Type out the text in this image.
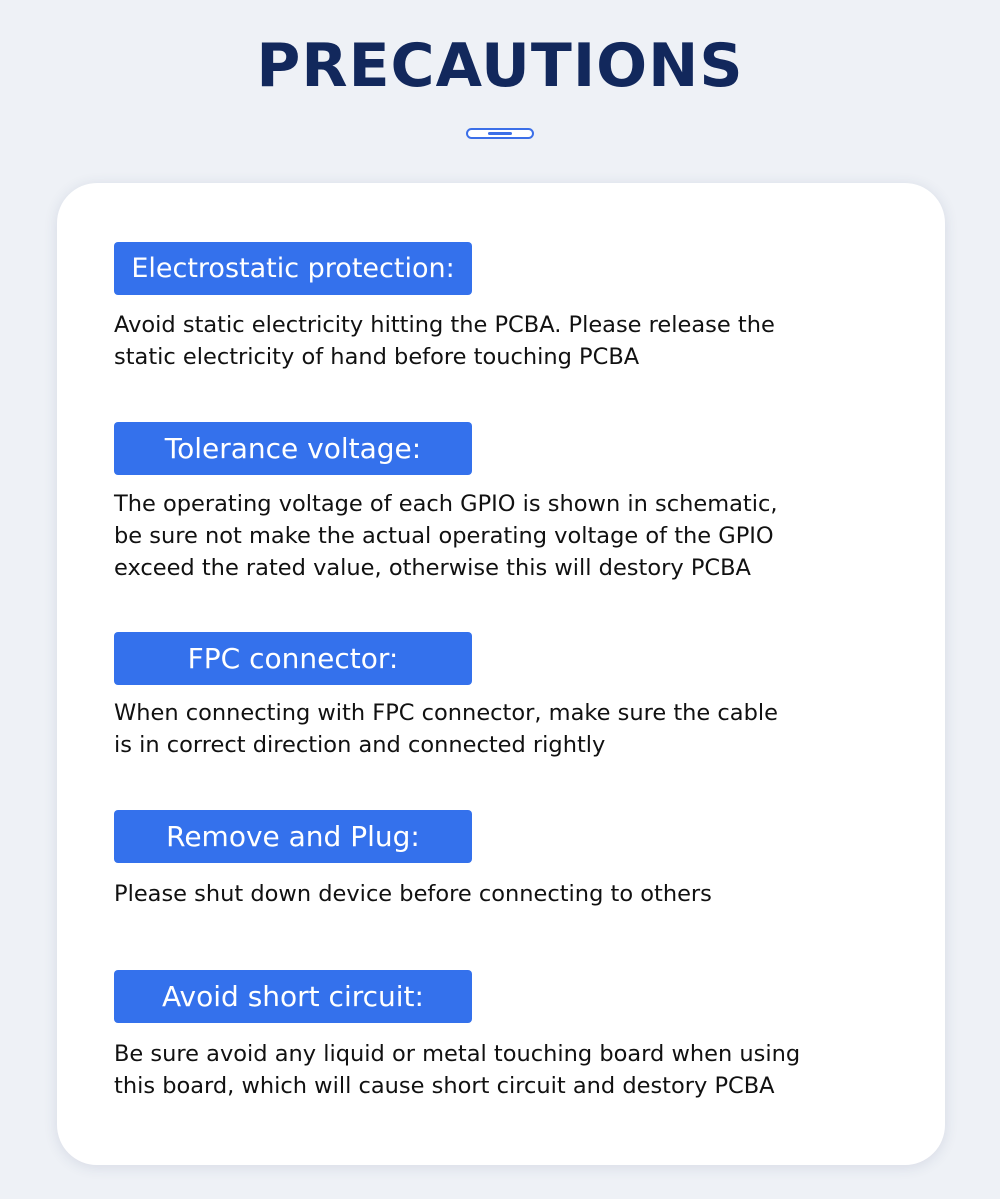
PRECAUTIONS
Electrostatic protection:
Avoid static electricity hitting the PCBA. Please release the
static electricity of hand before touching PCBA
Tolerance voltage:
The operating voltage of each GPIO is shown in schematic,
be sure not make the actual operating voltage of the GPIO
exceed the rated value, otherwise this will destory PCBA
FPC connector:
When connecting with FPC connector, make sure the cable
is in correct direction and connected rightly
Remove and Plug:
Please shut down device before connecting to others
Avoid short circuit:
Be sure avoid any liquid or metal touching board when using
this board, which will cause short circuit and destory PCBA
